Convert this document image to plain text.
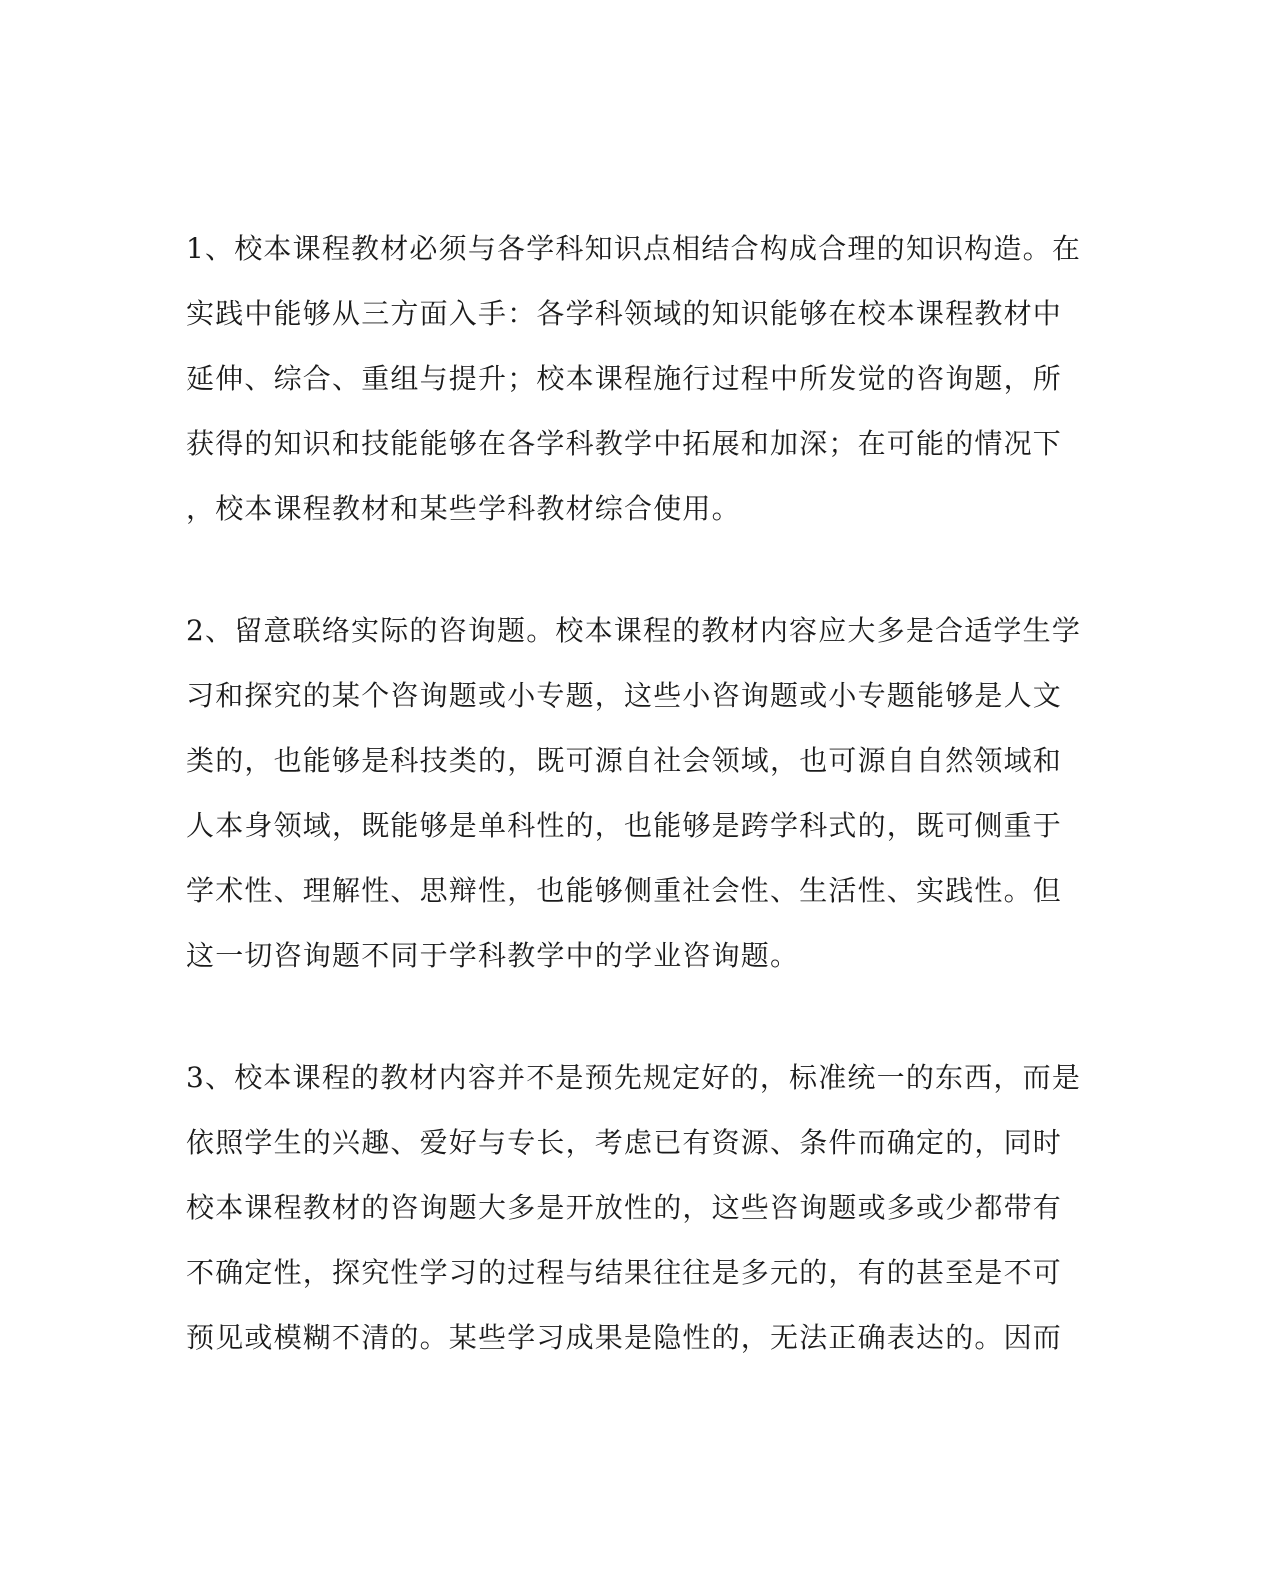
1、校本课程教材必须与各学科知识点相结合构成合理的知识构造。在
实践中能够从三方面入手：各学科领域的知识能够在校本课程教材中
延伸、综合、重组与提升；校本课程施行过程中所发觉的咨询题，所
获得的知识和技能能够在各学科教学中拓展和加深；在可能的情况下
，校本课程教材和某些学科教材综合使用。

2、留意联络实际的咨询题。校本课程的教材内容应大多是合适学生学
习和探究的某个咨询题或小专题，这些小咨询题或小专题能够是人文
类的，也能够是科技类的，既可源自社会领域，也可源自自然领域和
人本身领域，既能够是单科性的，也能够是跨学科式的，既可侧重于
学术性、理解性、思辩性，也能够侧重社会性、生活性、实践性。但
这一切咨询题不同于学科教学中的学业咨询题。

3、校本课程的教材内容并不是预先规定好的，标准统一的东西，而是
依照学生的兴趣、爱好与专长，考虑已有资源、条件而确定的，同时
校本课程教材的咨询题大多是开放性的，这些咨询题或多或少都带有
不确定性，探究性学习的过程与结果往往是多元的，有的甚至是不可
预见或模糊不清的。某些学习成果是隐性的，无法正确表达的。因而
